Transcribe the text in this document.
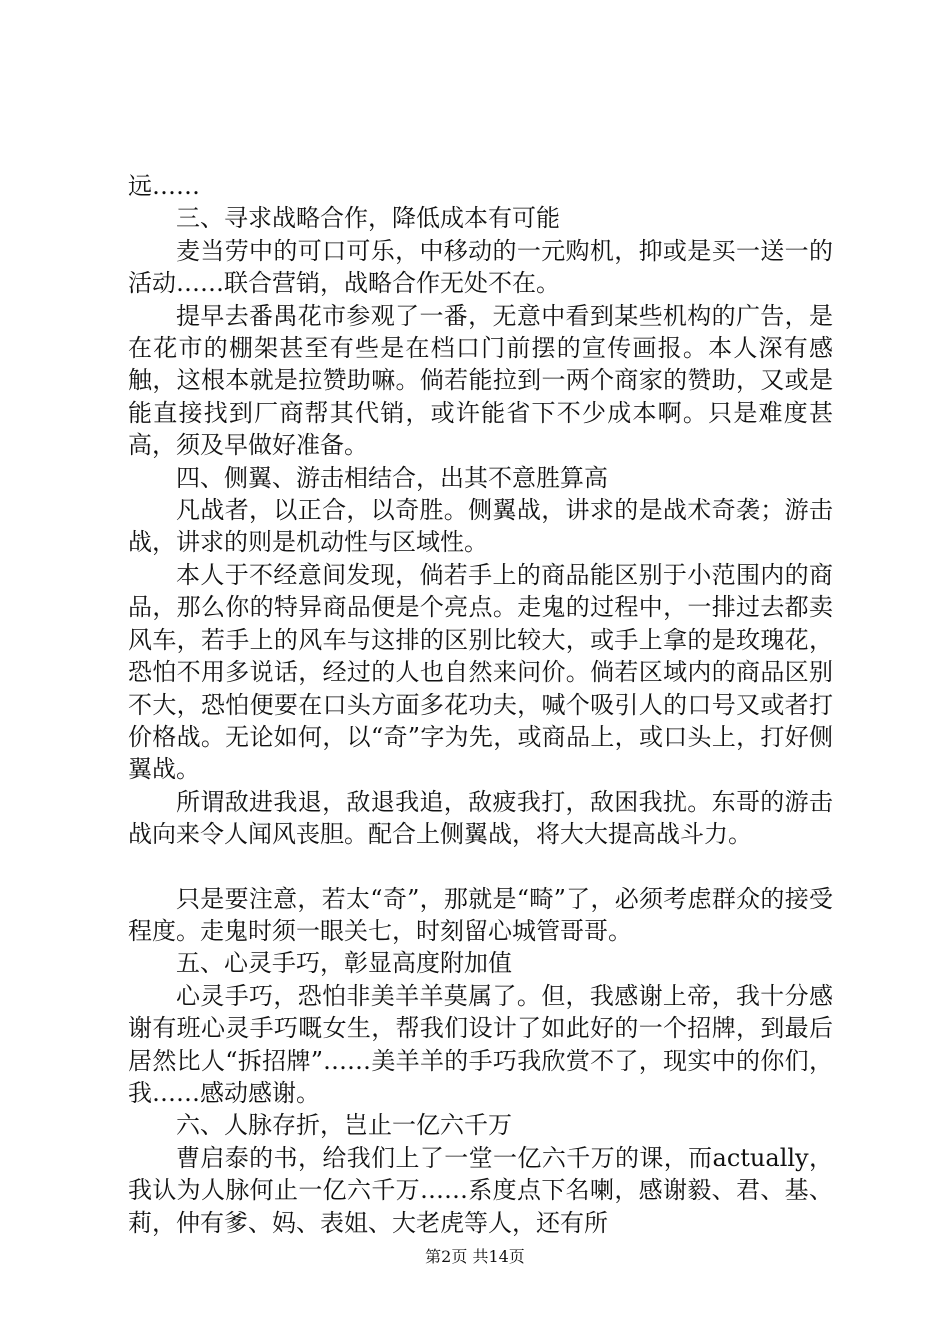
远……

三、寻求战略合作，降低成本有可能

麦当劳中的可口可乐，中移动的一元购机，抑或是买一送一的活动……联合营销，战略合作无处不在。

提早去番禺花市参观了一番，无意中看到某些机构的广告，是在花市的棚架甚至有些是在档口门前摆的宣传画报。本人深有感触，这根本就是拉赞助嘛。倘若能拉到一两个商家的赞助，又或是能直接找到厂商帮其代销，或许能省下不少成本啊。只是难度甚高，须及早做好准备。

四、侧翼、游击相结合，出其不意胜算高

凡战者，以正合，以奇胜。侧翼战，讲求的是战术奇袭；游击战，讲求的则是机动性与区域性。

本人于不经意间发现，倘若手上的商品能区别于小范围内的商品，那么你的特异商品便是个亮点。走鬼的过程中，一排过去都卖风车，若手上的风车与这排的区别比较大，或手上拿的是玫瑰花，恐怕不用多说话，经过的人也自然来问价。倘若区域内的商品区别不大，恐怕便要在口头方面多花功夫，喊个吸引人的口号又或者打价格战。无论如何，以“奇”字为先，或商品上，或口头上，打好侧翼战。

所谓敌进我退，敌退我追，敌疲我打，敌困我扰。东哥的游击战向来令人闻风丧胆。配合上侧翼战，将大大提高战斗力。

只是要注意，若太“奇”，那就是“畸”了，必须考虑群众的接受程度。走鬼时须一眼关七，时刻留心城管哥哥。

五、心灵手巧，彰显高度附加值

心灵手巧，恐怕非美羊羊莫属了。但，我感谢上帝，我十分感谢有班心灵手巧嘅女生，帮我们设计了如此好的一个招牌，到最后居然比人“拆招牌”……美羊羊的手巧我欣赏不了，现实中的你们，我……感动感谢。

六、人脉存折，岂止一亿六千万

曹启泰的书，给我们上了一堂一亿六千万的课，而actually，我认为人脉何止一亿六千万……系度点下名喇，感谢毅、君、基、莉，仲有爹、妈、表姐、大老虎等人，还有所

第2页 共14页
